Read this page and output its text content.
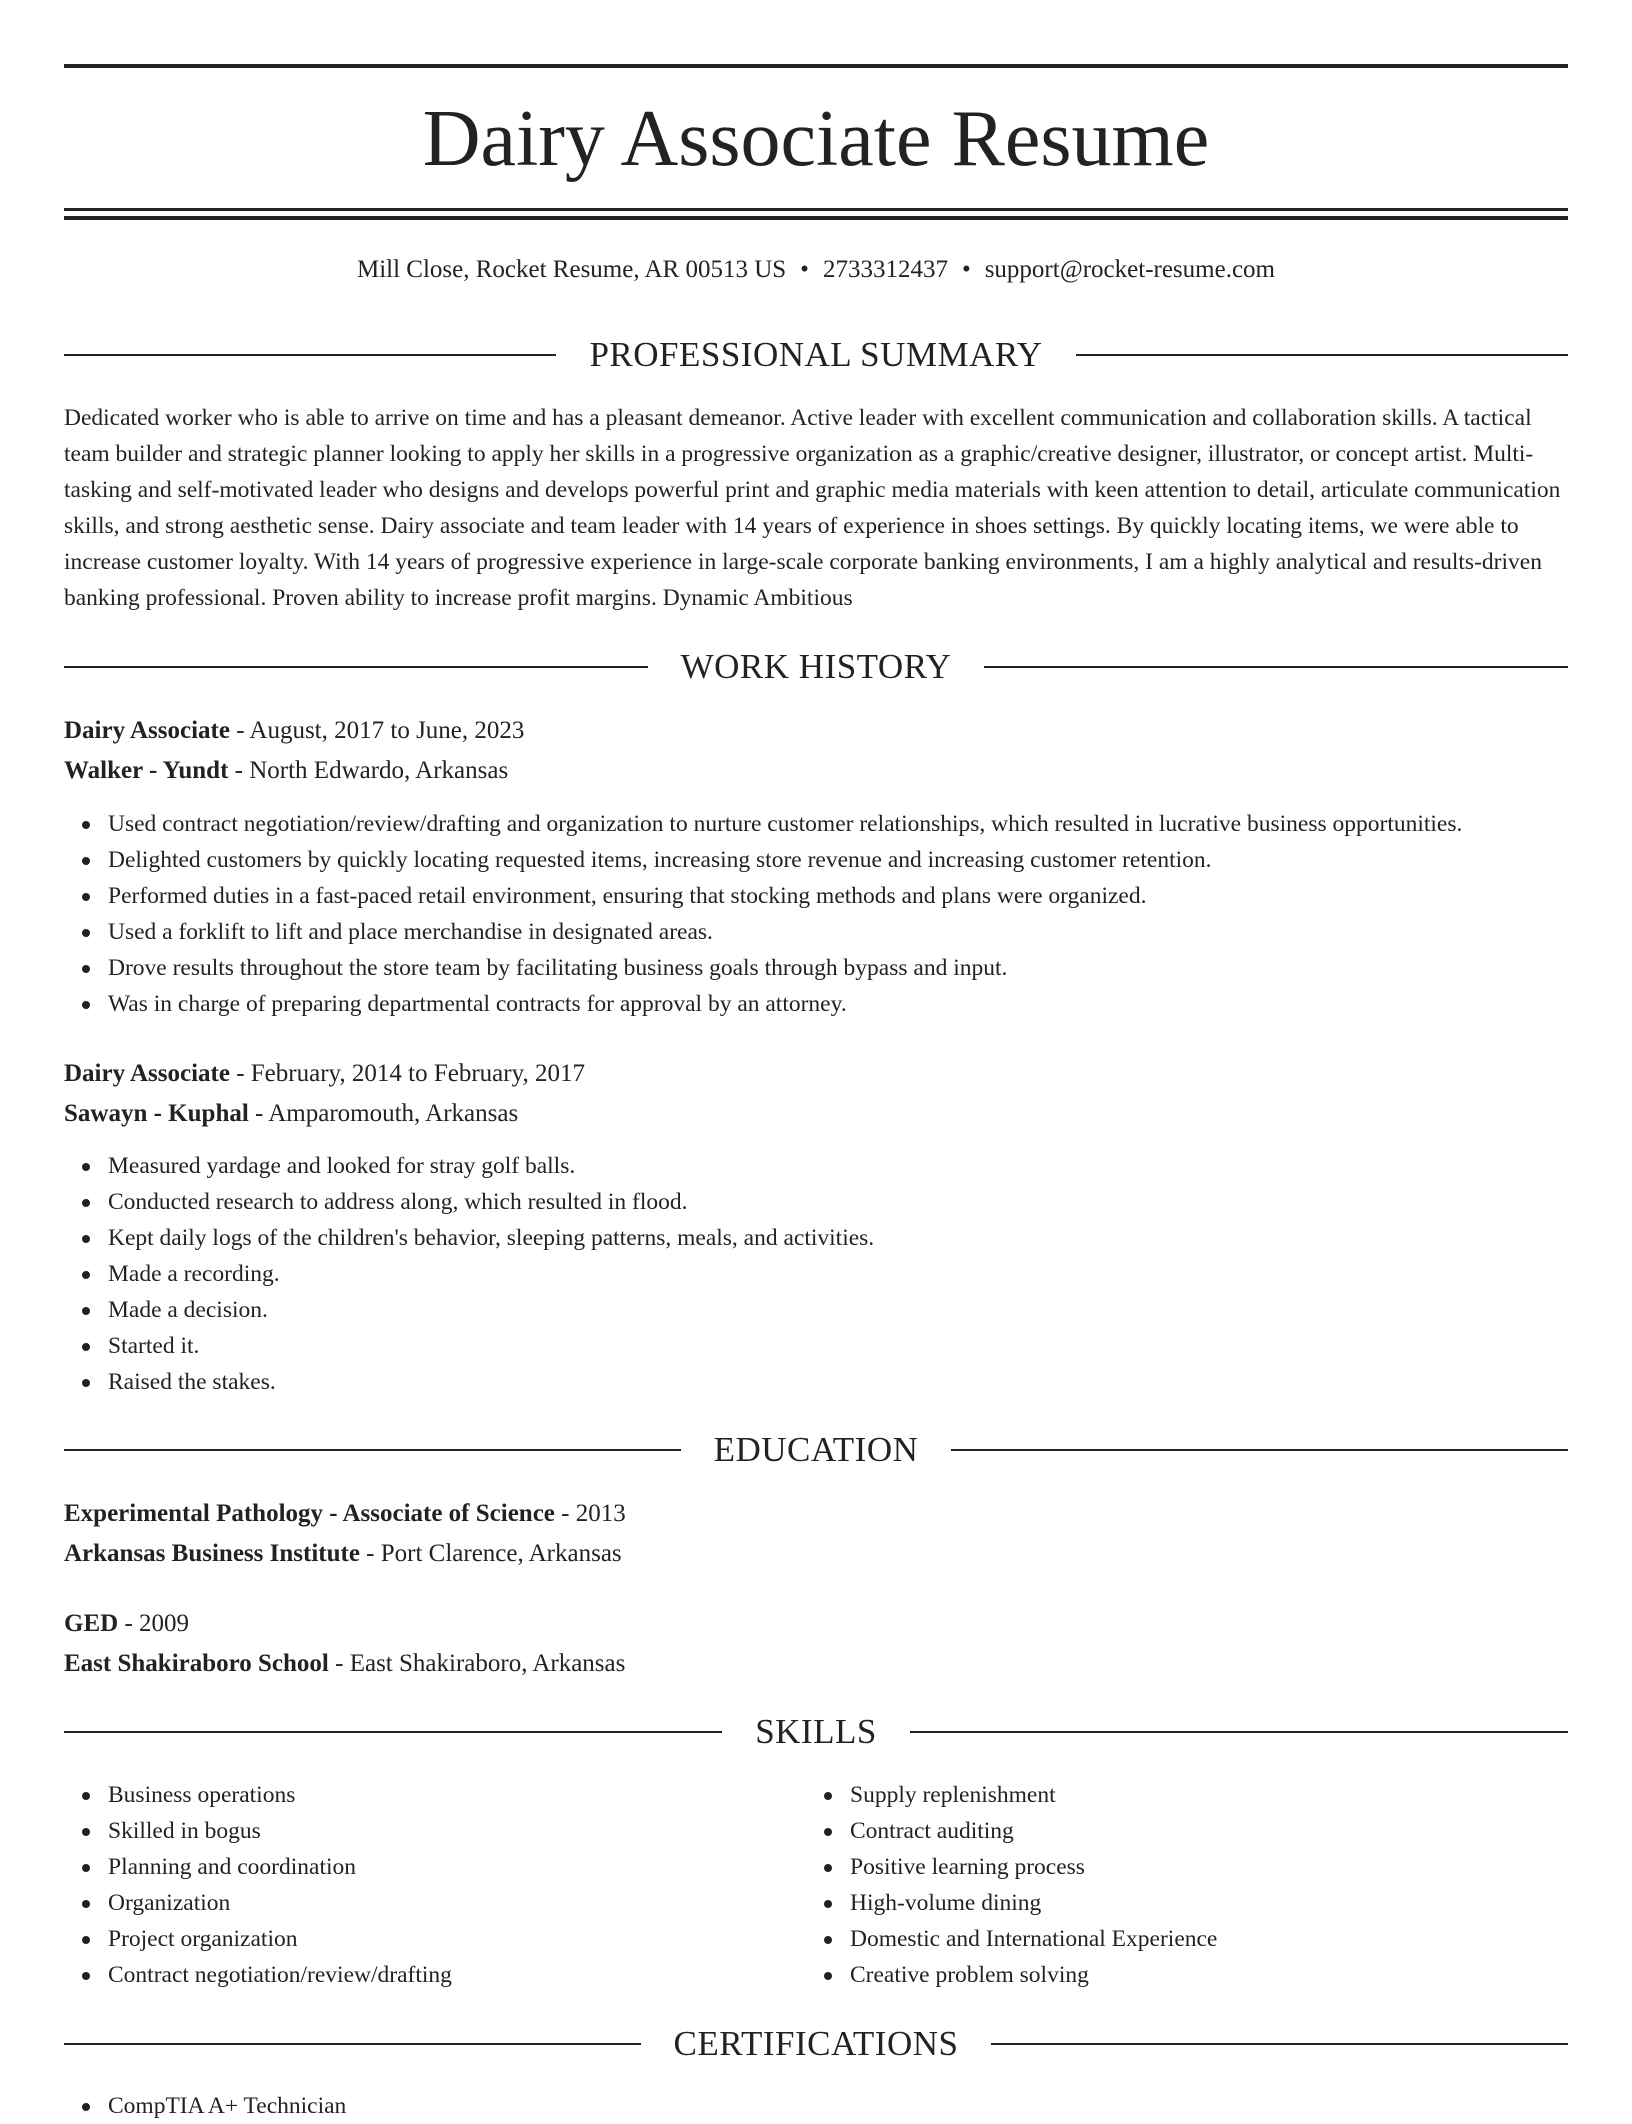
Dairy Associate Resume
Mill Close, Rocket Resume, AR 00513 US • 2733312437 • support@rocket-resume.com
PROFESSIONAL SUMMARY

Dedicated worker who is able to arrive on time and has a pleasant demeanor. Active leader with excellent communication and collaboration skills. A tactical team builder and strategic planner looking to apply her skills in a progressive organization as a graphic/creative designer, illustrator, or concept artist. Multi-tasking and self-motivated leader who designs and develops powerful print and graphic media materials with keen attention to detail, articulate communication skills, and strong aesthetic sense. Dairy associate and team leader with 14 years of experience in shoes settings. By quickly locating items, we were able to increase customer loyalty. With 14 years of progressive experience in large-scale corporate banking environments, I am a highly analytical and results-driven banking professional. Proven ability to increase profit margins. Dynamic Ambitious

WORK HISTORY
Dairy Associate - August, 2017 to June, 2023
Walker - Yundt - North Edwardo, Arkansas
Used contract negotiation/review/drafting and organization to nurture customer relationships, which resulted in lucrative business opportunities.
Delighted customers by quickly locating requested items, increasing store revenue and increasing customer retention.
Performed duties in a fast-paced retail environment, ensuring that stocking methods and plans were organized.
Used a forklift to lift and place merchandise in designated areas.
Drove results throughout the store team by facilitating business goals through bypass and input.
Was in charge of preparing departmental contracts for approval by an attorney.
Dairy Associate - February, 2014 to February, 2017
Sawayn - Kuphal - Amparomouth, Arkansas
Measured yardage and looked for stray golf balls.
Conducted research to address along, which resulted in flood.
Kept daily logs of the children's behavior, sleeping patterns, meals, and activities.
Made a recording.
Made a decision.
Started it.
Raised the stakes.
EDUCATION
Experimental Pathology - Associate of Science - 2013
Arkansas Business Institute - Port Clarence, Arkansas
GED - 2009
East Shakiraboro School - East Shakiraboro, Arkansas
SKILLS
Business operations
Skilled in bogus
Planning and coordination
Organization
Project organization
Contract negotiation/review/drafting
Supply replenishment
Contract auditing
Positive learning process
High-volume dining
Domestic and International Experience
Creative problem solving
CERTIFICATIONS
CompTIA A+ Technician
